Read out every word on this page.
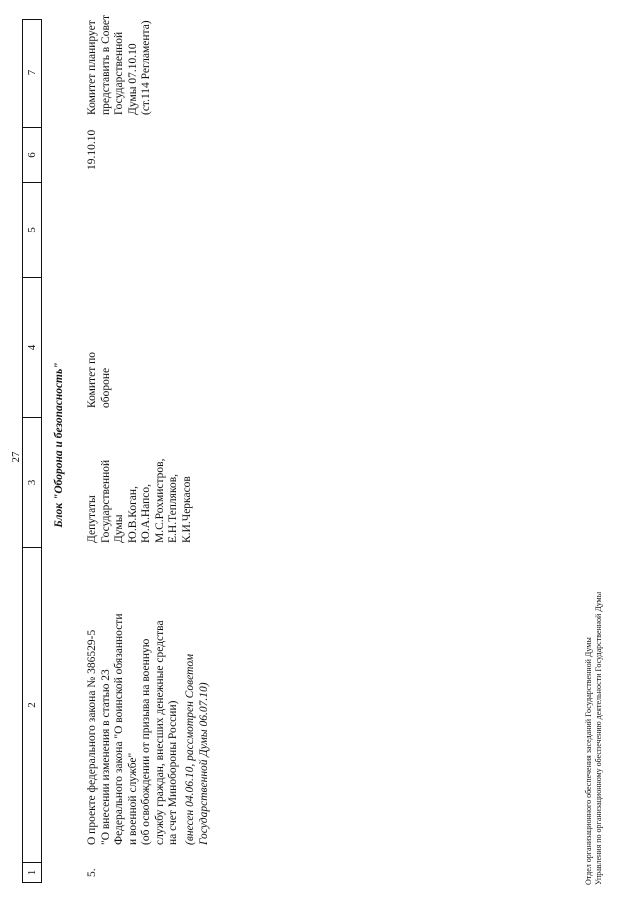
27
1
2
3
4
5
6
7
Блок "Оборона и безопасность"
5.
О проекте федерального закона № 386529-5
"О внесении изменения в статью 23
Федерального закона "О воинской обязанности
и военной службе"
(об освобождении от призыва на военную
службу граждан, внесших денежные средства
на счет Минобороны России)
(внесен 04.06.10, рассмотрен Советом
Государственной Думы 06.07.10)
Депутаты
Государственной
Думы
Ю.В.Коган,
Ю.А.Напсо,
М.С.Рохмистров,
Е.Н.Тепляков,
К.И.Черкасов
Комитет по
обороне
19.10.10
Комитет планирует
представить в Совет
Государственной
Думы 07.10.10
(ст.114 Регламента)
Отдел организационного обеспечения заседаний Государственной Думы Управления по организационному обеспечению деятельности Государственной Думы
